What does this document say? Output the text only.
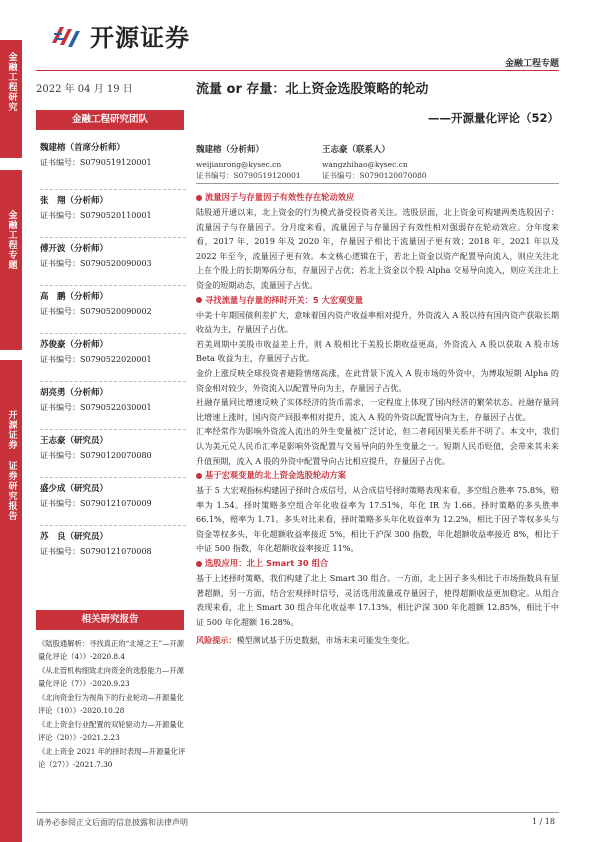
金融工程研究
金融工程专题
开源证券 证券研究报告
开源证券
金融工程专题
2022 年 04 月 19 日
金融工程研究团队
魏建榕（首席分析师）
证书编号：S0790519120001
张　翔（分析师）
证书编号：S0790520110001
傅开波（分析师）
证书编号：S0790520090003
高　鹏（分析师）
证书编号：S0790520090002
苏俊豪（分析师）
证书编号：S0790522020001
胡亮勇（分析师）
证书编号：S0790522030001
王志豪（研究员）
证书编号：S0790120070080
盛少成（研究员）
证书编号：S0790121070009
苏　良（研究员）
证书编号：S0790121070008
相关研究报告

《陆股通解析：寻找真正的“北境之王”—开源量化评论（4）》-2020.8.4

《从北管机构细致北向资金的选股能力—开源量化评论（7）》-2020.9.23

《北向资金行为视角下的行业轮动—开源量化评论（10）》-2020.10.28

《北上资金行业配置的双轮驱动力—开源量化评论（20）》-2021.2.23

《北上资金 2021 年的择时表现—开源量化评论（27）》-2021.7.30

流量 or 存量：北上资金选股策略的轮动
——开源量化评论（52）
魏建榕（分析师）
weijianrong@kysec.cn
证书编号：S0790519120001
王志豪（联系人）
wangzhihao@kysec.cn
证书编号：S0790120070080
流量因子与存量因子有效性存在轮动效应

陆股通开通以来，北上资金的行为模式备受投资者关注。选股层面，北上资金可构建两类选股因子：流量因子与存量因子。分月度来看，流量因子与存量因子有效性相对强弱存在轮动效应。分年度来看，2017 年、2019 年及 2020 年，存量因子相比于流量因子更有效；2018 年、2021 年以及 2022 年至今，流量因子更有效。本文核心逻辑在于，若北上资金以资产配置导向流入，则应关注北上在个股上的长期筹码分布，存量因子占优；若北上资金以个股 Alpha 交易导向流入，则应关注北上资金的短期动态，流量因子占优。

寻找流量与存量的择时开关：5 大宏观变量

中美十年期国债利差扩大，意味着国内资产收益率相对提升，外资流入 A 股以持有国内资产获取长期收益为主，存量因子占优。

若美周期中美股市收益差上升，则 A 股相比于美股长期收益更高，外资流入 A 股以获取 A 股市场 Beta 收益为主，存量因子占优。

金价上涨反映全球投资者避险情绪高涨，在此背景下流入 A 股市场的外资中，为博取短期 Alpha 的资金相对较少，外资流入以配置导向为主，存量因子占优。

社融存量同比增速反映了实体经济的货币需求，一定程度上体现了国内经济的繁荣状态。社融存量同比增速上涨时，国内资产回报率相对提升，流入 A 股的外资以配置导向为主，存量因子占优。

汇率经常作为影响外资流入流出的外生变量被广泛讨论，但二者间因果关系并不明了。本文中，我们认为美元兑人民币汇率是影响外资配置与交易导向的外生变量之一。短期人民币贬值，会带来其未来升值预期，流入 A 股的外资中配置导向占比相应提升，存量因子占优。

基于宏观变量的北上资金选股轮动方案

基于 5 大宏观指标构建因子择时合成信号，从合成信号择时策略表现来看，多空组合胜率 75.8%，赔率为 1.54。择时策略多空组合年化收益率为 17.51%，年化 IR 为 1.66。择时策略的多头胜率 66.1%，赔率为 1.71。多头对比来看，择时策略多头年化收益率为 12.2%，相比于因子等权多头与资金等权多头，年化超额收益率接近 5%，相比于沪深 300 指数，年化超额收益率接近 8%，相比于中证 500 指数，年化超额收益率接近 11%。

选股应用：北上 Smart 30 组合

基于上述择时策略，我们构建了北上 Smart 30 组合。一方面，北上因子多头相比于市场指数具有显著超额，另一方面，结合宏观择时信号，灵活选用流量或存量因子，使得超额收益更加稳定。从组合表现来看，北上 Smart 30 组合年化收益率 17.13%，相比沪深 300 年化超额 12.85%，相比于中证 500 年化超额 16.28%。

风险提示：模型测试基于历史数据，市场未来可能发生变化。

请务必参阅正文后面的信息披露和法律声明	1 / 18
